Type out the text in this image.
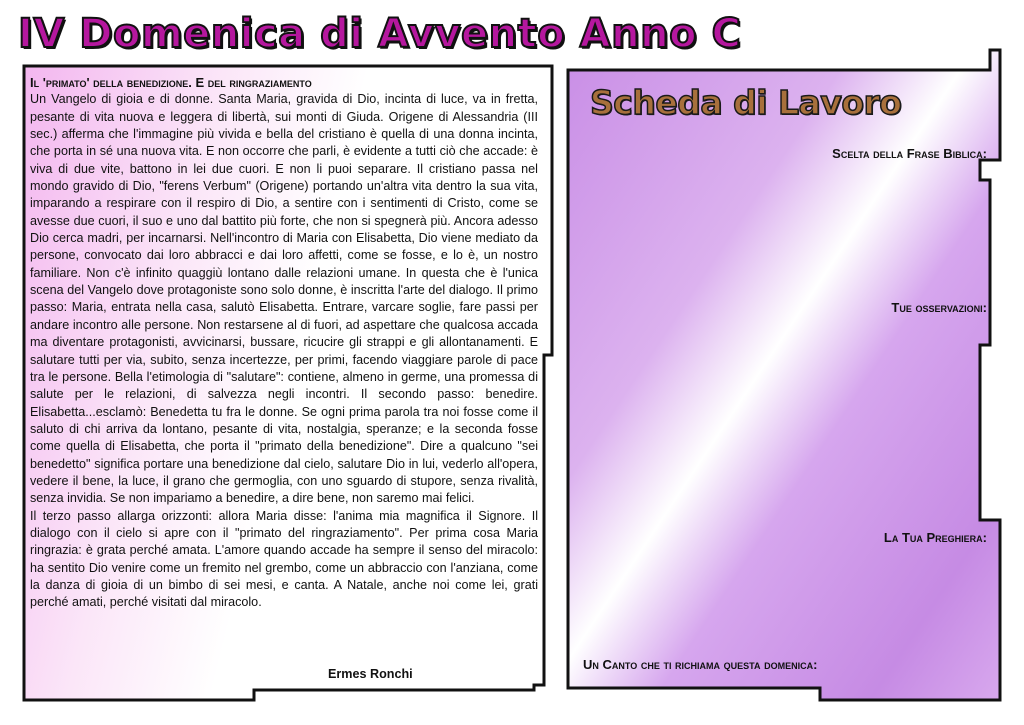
IV Domenica di Avvento Anno C
Il 'primato' della benedizione. E del ringraziamento

Un Vangelo di gioia e di donne. Santa Maria, gravida di Dio, incinta di luce, va in fretta, pesante di vita nuova e leggera di libertà, sui monti di Giuda. Origene di Alessandria (III sec.) afferma che l'immagine più vivida e bella del cristiano è quella di una donna incinta, che porta in sé una nuova vita. E non occorre che parli, è evidente a tutti ciò che accade: è viva di due vite, battono in lei due cuori. E non li puoi separare. Il cristiano passa nel mondo gravido di Dio, "ferens Verbum" (Origene) portando un'altra vita dentro la sua vita, imparando a respirare con il respiro di Dio, a sentire con i sentimenti di Cristo, come se avesse due cuori, il suo e uno dal battito più forte, che non si spegnerà più. Ancora adesso Dio cerca madri, per incarnarsi. Nell'incontro di Maria con Elisabetta, Dio viene mediato da persone, convocato dai loro abbracci e dai loro affetti, come se fosse, e lo è, un nostro familiare. Non c'è infinito quaggiù lontano dalle relazioni umane. In questa che è l'unica scena del Vangelo dove protagoniste sono solo donne, è inscritta l'arte del dialogo. Il primo passo: Maria, entrata nella casa, salutò Elisabetta. Entrare, varcare soglie, fare passi per andare incontro alle persone. Non restarsene al di fuori, ad aspettare che qualcosa accada ma diventare protagonisti, avvicinarsi, bussare, ricucire gli strappi e gli allontanamenti. E salutare tutti per via, subito, senza incertezze, per primi, facendo viaggiare parole di pace tra le persone. Bella l'etimologia di "salutare": contiene, almeno in germe, una promessa di salute per le relazioni, di salvezza negli incontri. Il secondo passo: benedire. Elisabetta...esclamò: Benedetta tu fra le donne. Se ogni prima parola tra noi fosse come il saluto di chi arriva da lontano, pesante di vita, nostalgia, speranze; e la seconda fosse come quella di Elisabetta, che porta il "primato della benedizione". Dire a qualcuno "sei benedetto" significa portare una benedizione dal cielo, salutare Dio in lui, vederlo all'opera, vedere il bene, la luce, il grano che germoglia, con uno sguardo di stupore, senza rivalità, senza invidia. Se non impariamo a benedire, a dire bene, non saremo mai felici.

Il terzo passo allarga orizzonti: allora Maria disse: l'anima mia magnifica il Signore. Il dialogo con il cielo si apre con il "primato del ringraziamento". Per prima cosa Maria ringrazia: è grata perché amata. L'amore quando accade ha sempre il senso del miracolo: ha sentito Dio venire come un fremito nel grembo, come un abbraccio con l'anziana, come la danza di gioia di un bimbo di sei mesi, e canta. A Natale, anche noi come lei, grati perché amati, perché visitati dal miracolo.

Ermes Ronchi
Scheda di Lavoro
Scelta della Frase Biblica:
Tue osservazioni:
La Tua Preghiera:
Un Canto che ti richiama questa domenica:
